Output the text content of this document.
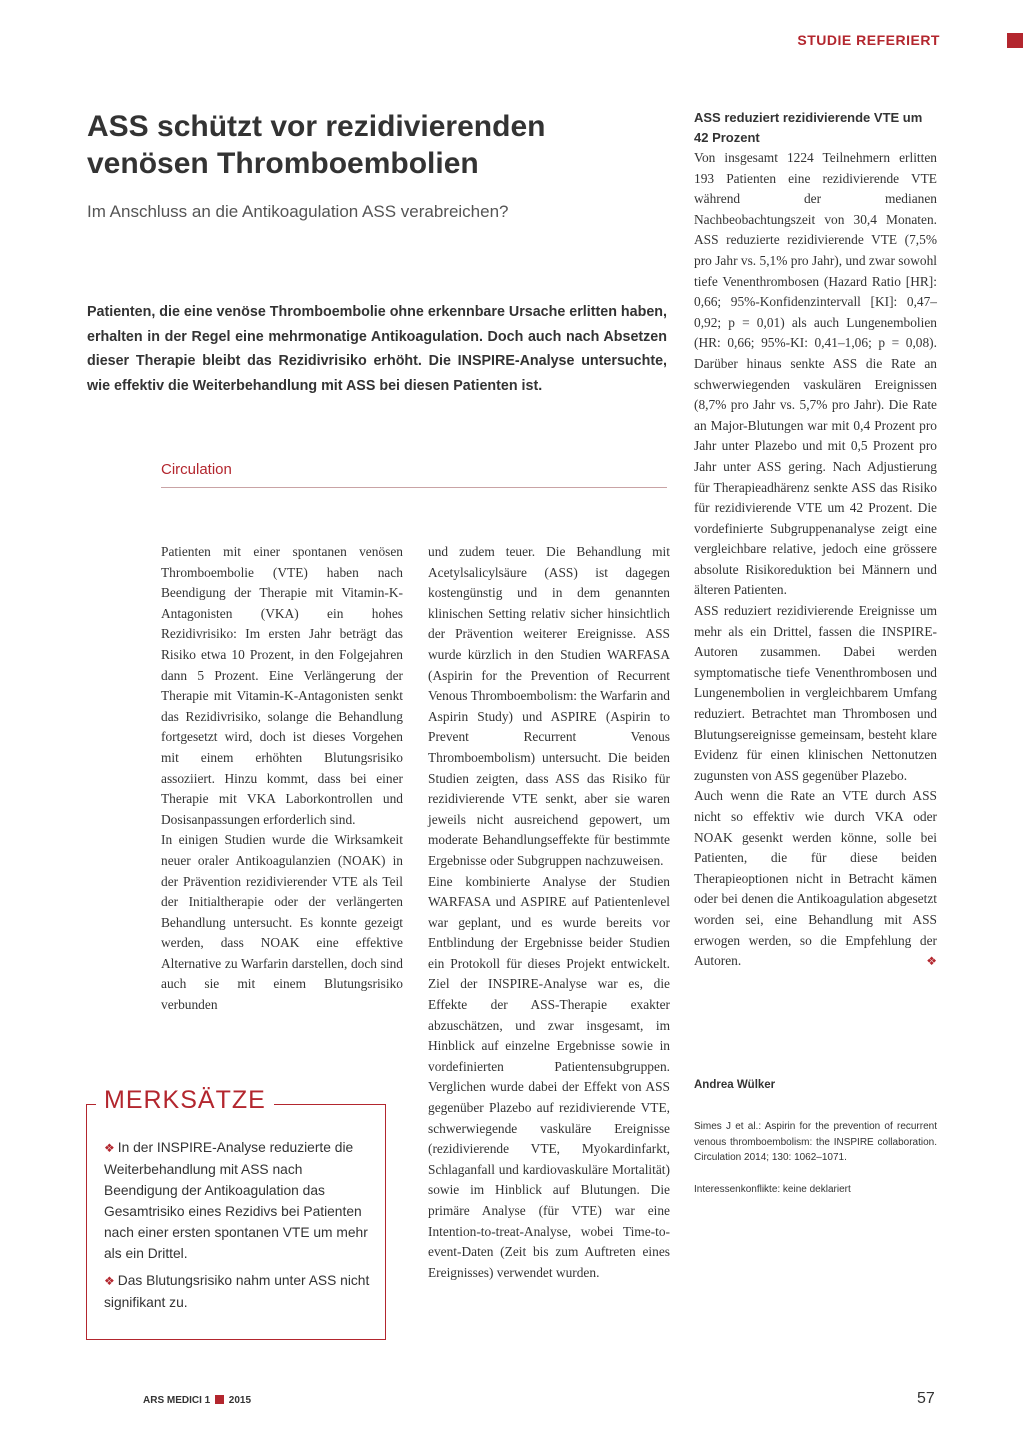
STUDIE REFERIERT
ASS schützt vor rezidivierenden venösen Thromboembolien

Im Anschluss an die Antikoagulation ASS verabreichen?

Patienten, die eine venöse Thromboembolie ohne erkennbare Ursache erlitten haben, erhalten in der Regel eine mehrmonatige Antikoagulation. Doch auch nach Absetzen dieser Therapie bleibt das Rezidivrisiko erhöht. Die INSPIRE-Analyse untersuchte, wie effektiv die Weiterbehandlung mit ASS bei diesen Patienten ist.

Circulation

Patienten mit einer spontanen venösen Thromboembolie (VTE) haben nach Beendigung der Therapie mit Vitamin-K-Antagonisten (VKA) ein hohes Rezidivrisiko: Im ersten Jahr beträgt das Risiko etwa 10 Prozent, in den Folgejahren dann 5 Prozent. Eine Verlängerung der Therapie mit Vitamin-K-Antagonisten senkt das Rezidivrisiko, solange die Behandlung fortgesetzt wird, doch ist dieses Vorgehen mit einem erhöhten Blutungsrisiko assoziiert. Hinzu kommt, dass bei einer Therapie mit VKA Laborkontrollen und Dosisanpassungen erforderlich sind.

In einigen Studien wurde die Wirksamkeit neuer oraler Antikoagulanzien (NOAK) in der Prävention rezidivierender VTE als Teil der Initialtherapie oder der verlängerten Behandlung untersucht. Es konnte gezeigt werden, dass NOAK eine effektive Alternative zu Warfarin darstellen, doch sind auch sie mit einem Blutungsrisiko verbunden

und zudem teuer. Die Behandlung mit Acetylsalicylsäure (ASS) ist dagegen kostengünstig und in dem genannten klinischen Setting relativ sicher hinsichtlich der Prävention weiterer Ereignisse. ASS wurde kürzlich in den Studien WARFASA (Aspirin for the Prevention of Recurrent Venous Thromboembolism: the Warfarin and Aspirin Study) und ASPIRE (Aspirin to Prevent Recurrent Venous Thromboembolism) untersucht. Die beiden Studien zeigten, dass ASS das Risiko für rezidivierende VTE senkt, aber sie waren jeweils nicht ausreichend gepowert, um moderate Behandlungseffekte für bestimmte Ergebnisse oder Subgruppen nachzuweisen.

Eine kombinierte Analyse der Studien WARFASA und ASPIRE auf Patientenlevel war geplant, und es wurde bereits vor Entblindung der Ergebnisse beider Studien ein Protokoll für dieses Projekt entwickelt. Ziel der INSPIRE-Analyse war es, die Effekte der ASS-Therapie exakter abzuschätzen, und zwar insgesamt, im Hinblick auf einzelne Ergebnisse sowie in vordefinierten Patientensubgruppen. Verglichen wurde dabei der Effekt von ASS gegenüber Plazebo auf rezidivierende VTE, schwerwiegende vaskuläre Ereignisse (rezidivierende VTE, Myokardinfarkt, Schlaganfall und kardiovaskuläre Mortalität) sowie im Hinblick auf Blutungen. Die primäre Analyse (für VTE) war eine Intention-to-treat-Analyse, wobei Time-to-event-Daten (Zeit bis zum Auftreten eines Ereignisses) verwendet wurden.

ASS reduziert rezidivierende VTE um 42 Prozent

Von insgesamt 1224 Teilnehmern erlitten 193 Patienten eine rezidivierende VTE während der medianen Nachbeobachtungszeit von 30,4 Monaten. ASS reduzierte rezidivierende VTE (7,5% pro Jahr vs. 5,1% pro Jahr), und zwar sowohl tiefe Venenthrombosen (Hazard Ratio [HR]: 0,66; 95%-Konfidenzintervall [KI]: 0,47–0,92; p = 0,01) als auch Lungenembolien (HR: 0,66; 95%-KI: 0,41–1,06; p = 0,08). Darüber hinaus senkte ASS die Rate an schwerwiegenden vaskulären Ereignissen (8,7% pro Jahr vs. 5,7% pro Jahr). Die Rate an Major-Blutungen war mit 0,4 Prozent pro Jahr unter Plazebo und mit 0,5 Prozent pro Jahr unter ASS gering. Nach Adjustierung für Therapieadhärenz senkte ASS das Risiko für rezidivierende VTE um 42 Prozent. Die vordefinierte Subgruppenanalyse zeigt eine vergleichbare relative, jedoch eine grössere absolute Risikoreduktion bei Männern und älteren Patienten.

ASS reduziert rezidivierende Ereignisse um mehr als ein Drittel, fassen die INSPIRE-Autoren zusammen. Dabei werden symptomatische tiefe Venenthrombosen und Lungenembolien in vergleichbarem Umfang reduziert. Betrachtet man Thrombosen und Blutungsereignisse gemeinsam, besteht klare Evidenz für einen klinischen Nettonutzen zugunsten von ASS gegenüber Plazebo.

Auch wenn die Rate an VTE durch ASS nicht so effektiv wie durch VKA oder NOAK gesenkt werden könne, solle bei Patienten, die für diese beiden Therapieoptionen nicht in Betracht kämen oder bei denen die Antikoagulation abgesetzt worden sei, eine Behandlung mit ASS erwogen werden, so die Empfehlung der Autoren.	❖

MERKSÄTZE
❖ In der INSPIRE-Analyse reduzierte die Weiterbehandlung mit ASS nach Beendigung der Antikoagulation das Gesamtrisiko eines Rezidivs bei Patienten nach einer ersten spontanen VTE um mehr als ein Drittel.
❖ Das Blutungsrisiko nahm unter ASS nicht signifikant zu.
Andrea Wülker
Simes J et al.: Aspirin for the prevention of recurrent venous thromboembolism: the INSPIRE collaboration. Circulation 2014; 130: 1062–1071.
Interessenkonflikte: keine deklariert
ARS MEDICI 1 2015	57
